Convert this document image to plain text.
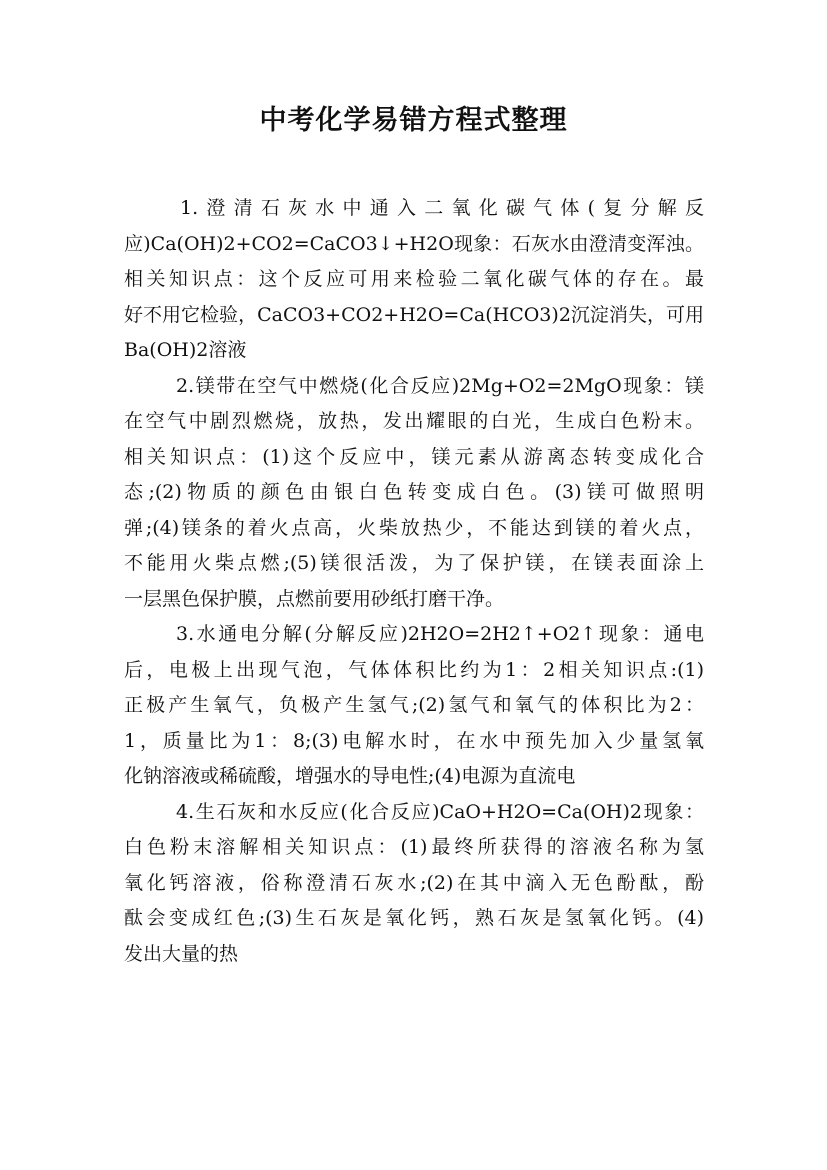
中考化学易错方程式整理
1.澄清石灰水中通入二氧化碳气体(复分解反
应)Ca(OH)2+CO2=CaCO3↓+H2O现象：石灰水由澄清变浑浊。
相关知识点：这个反应可用来检验二氧化碳气体的存在。最
好不用它检验，CaCO3+CO2+H2O=Ca(HCO3)2沉淀消失，可用
Ba(OH)2溶液
2.镁带在空气中燃烧(化合反应)2Mg+O2=2MgO现象：镁
在空气中剧烈燃烧，放热，发出耀眼的白光，生成白色粉末。
相关知识点：(1)这个反应中，镁元素从游离态转变成化合
态;(2)物质的颜色由银白色转变成白色。(3)镁可做照明
弹;(4)镁条的着火点高，火柴放热少，不能达到镁的着火点，
不能用火柴点燃;(5)镁很活泼，为了保护镁，在镁表面涂上
一层黑色保护膜，点燃前要用砂纸打磨干净。
3.水通电分解(分解反应)2H2O=2H2↑+O2↑现象：通电
后，电极上出现气泡，气体体积比约为1：2相关知识点:(1)
正极产生氧气，负极产生氢气;(2)氢气和氧气的体积比为2：
1，质量比为1：8;(3)电解水时，在水中预先加入少量氢氧
化钠溶液或稀硫酸，增强水的导电性;(4)电源为直流电
4.生石灰和水反应(化合反应)CaO+H2O=Ca(OH)2现象：
白色粉末溶解相关知识点：(1)最终所获得的溶液名称为氢
氧化钙溶液，俗称澄清石灰水;(2)在其中滴入无色酚酞，酚
酞会变成红色;(3)生石灰是氧化钙，熟石灰是氢氧化钙。(4)
发出大量的热
